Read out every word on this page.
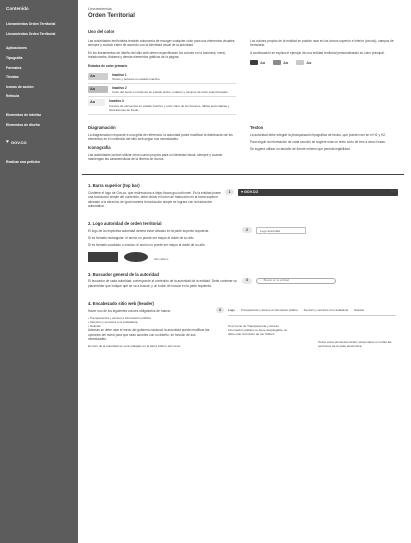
Contenido
Lineamientos Orden Territorial
Lineamientos Orden Territorial
Aplicaciones
Tipografía
Formatos
Tiendas
Iconos de acción
Retícula
Elementos de interfaz
Elementos de diseño
♥ GOV.CO
Realizar una petición
Lineamientos
Orden Territorial
Uso del color

Las autoridades territoriales tendrán autonomía de escoger cualquier color para sus elementos visuales, siempre y cuando estén de acuerdo con la identidad visual de la autoridad.

En los lineamientos de diseño del sitio web deben especificarse los colores en la botonera, menú, breadcrumbs, titulares y demás elementos gráficos de la página.

Estados de color primario
Aa	Inactivo 1
Textos y botones en estado inactivo.
Aa	Inactivo 2
Color del hover en botones en estado activo, enlaces y campos de texto seleccionados.
Aa	Inactivo 3
Fondos de elementos en estado inactivo y color claro de los botones, tablas secundarias y ilustraciones de fondo.

Los colores propios de la entidad se podrán usar en los iconos superior e inferior (circulo), campos de formulario.

A continuación se explica el ejemplo de una entidad territorial personalizando su color principal.

Aa	Aa	Aa
Diagramación

La diagramación responde a una grilla de referencia, la autoridad podrá modificar la distribución de los elementos en el contenido del sitio web según sus necesidades.

Iconografía

Las autoridades podrán utilizar otros iconos propios para su identidad visual, siempre y cuando mantengan las características de la librería de iconos.

Textos

La autoridad debe integrar la jerarquización tipográfica de títulos, que pueden ser en el H1 y H2.

Para seguir la información de cada sección se sugiere usar un texto corto de tres a cinco líneas.

Se sugiere utilizar un tamaño de fuente mínimo que permita legibilidad.

1. Barra superior (top bar)

Contiene el logo de Gov.co, que redirecciona a https://www.gov.co/home/. Es la entidad posee una traducción simple del contenido, debe ubicar el botón de traducción en la barra superior alineado a la derecha; de igual manera la traducción simple se lograra con la traducción automática.

1	♥ GOV.CO	Altura
2. Logo autoridad de orden territorial

El logo de la respectiva autoridad deberá estar ubicado en la parte superior izquierda.

Si es formato rectangular: el ancho no puede ser mayor al doble de su alto.

Si es formato cuadrado o circular: el ancho no puede ser mayor al doble de su alto.

Alto máximo
2	Logo autoridad
3. Buscador general de la autoridad

El buscador de cada autoridad, corresponde al contenido de la autoridad de la entidad. Debe contener un placeholder que indique qué se va a buscar, y un botón de buscar en la parte izquierda.

3	⌕ Buscar en la entidad
4. Encabezado sitio web (header)

Hacer uso de los siguientes colores obligatorios de marca:

• Transparencia y acceso a información pública
• Atención y servicios a la ciudadanía
• Noticias

Además se debe usar el menú del gobierno nacional; la autoridad puede modificar las opciones del menú para que sean acordes con su diseño, en función de sus necesidades.

El color de la autoridad se verá reflejado en la barra inferior del menú.

4	Logo Transparencia y acceso a información pública Atención y servicios a la ciudadanía Noticias

Si el menú de Transparencia y acceso información pública no tiene desplegable, se debe usar la función de los 'drillers'.

Todos estos elementos deben presentarse en todas las secciones de la sede electrónica.
